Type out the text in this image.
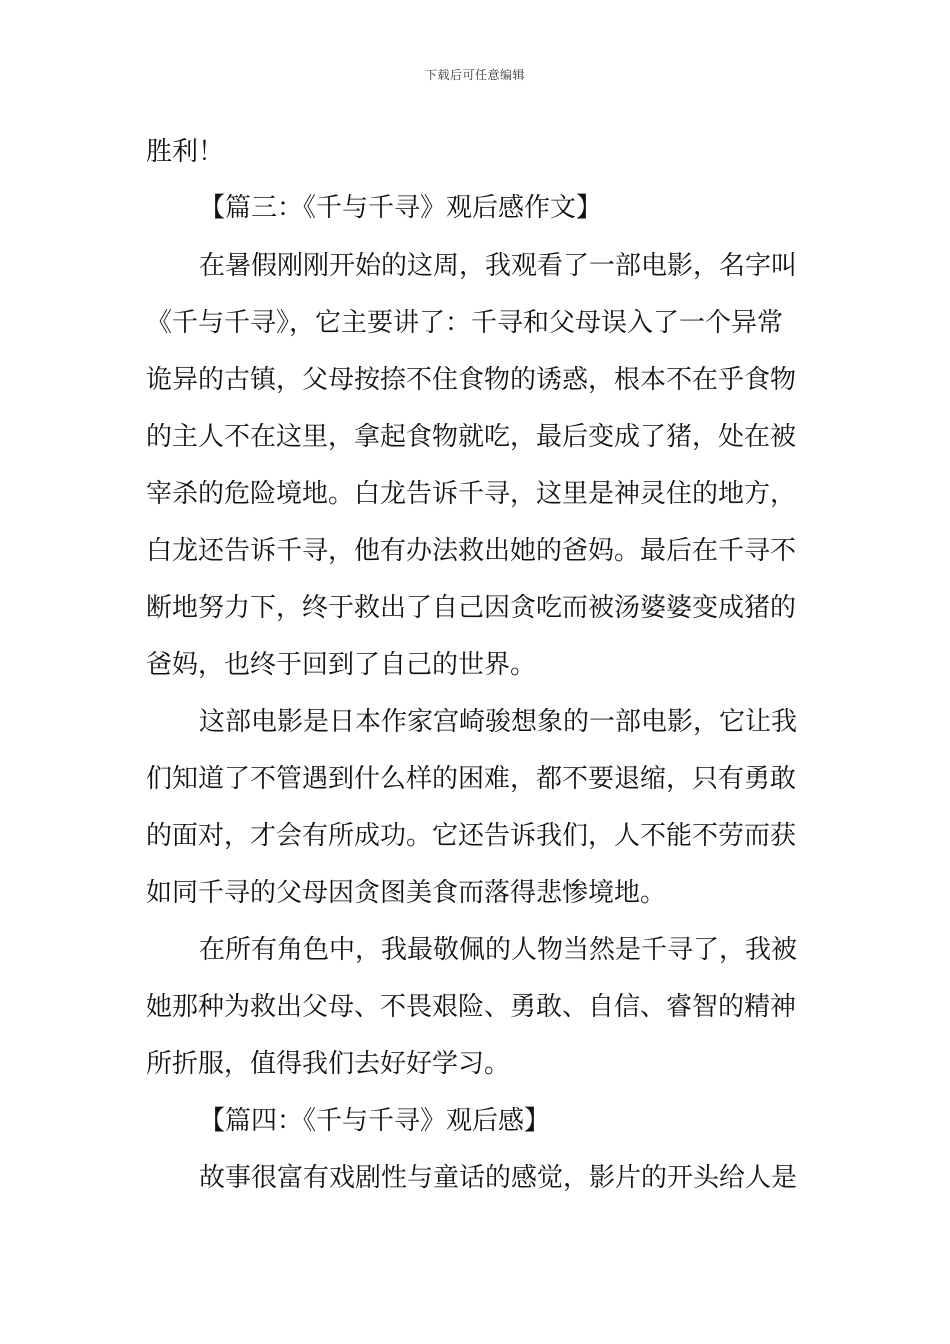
下载后可任意编辑
胜利！
【篇三：《千与千寻》观后感作文】
在暑假刚刚开始的这周，我观看了一部电影，名字叫
《千与千寻》，它主要讲了：千寻和父母误入了一个异常
诡异的古镇，父母按捺不住食物的诱惑，根本不在乎食物
的主人不在这里，拿起食物就吃，最后变成了猪，处在被
宰杀的危险境地。白龙告诉千寻，这里是神灵住的地方，
白龙还告诉千寻，他有办法救出她的爸妈。最后在千寻不
断地努力下，终于救出了自己因贪吃而被汤婆婆变成猪的
爸妈，也终于回到了自己的世界。
这部电影是日本作家宫崎骏想象的一部电影，它让我
们知道了不管遇到什么样的困难，都不要退缩，只有勇敢
的面对，才会有所成功。它还告诉我们，人不能不劳而获
如同千寻的父母因贪图美食而落得悲惨境地。
在所有角色中，我最敬佩的人物当然是千寻了，我被
她那种为救出父母、不畏艰险、勇敢、自信、睿智的精神
所折服，值得我们去好好学习。
【篇四：《千与千寻》观后感】
故事很富有戏剧性与童话的感觉，影片的开头给人是
